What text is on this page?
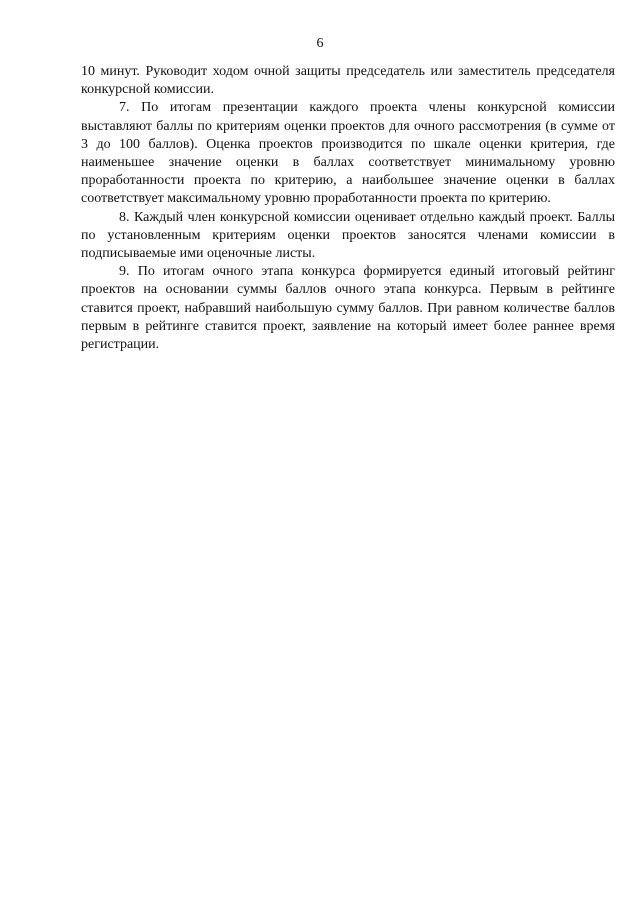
6

10 минут. Руководит ходом очной защиты председатель или заместитель председателя конкурсной комиссии.

7. По итогам презентации каждого проекта члены конкурсной комиссии выставляют баллы по критериям оценки проектов для очного рассмотрения (в сумме от 3 до 100 баллов). Оценка проектов производится по шкале оценки критерия, где наименьшее значение оценки в баллах соответствует минимальному уровню проработанности проекта по критерию, а наибольшее значение оценки в баллах соответствует максимальному уровню проработанности проекта по критерию.

8. Каждый член конкурсной комиссии оценивает отдельно каждый проект. Баллы по установленным критериям оценки проектов заносятся членами комиссии в подписываемые ими оценочные листы.

9. По итогам очного этапа конкурса формируется единый итоговый рейтинг проектов на основании суммы баллов очного этапа конкурса. Первым в рейтинге ставится проект, набравший наибольшую сумму баллов. При равном количестве баллов первым в рейтинге ставится проект, заявление на который имеет более раннее время регистрации.
